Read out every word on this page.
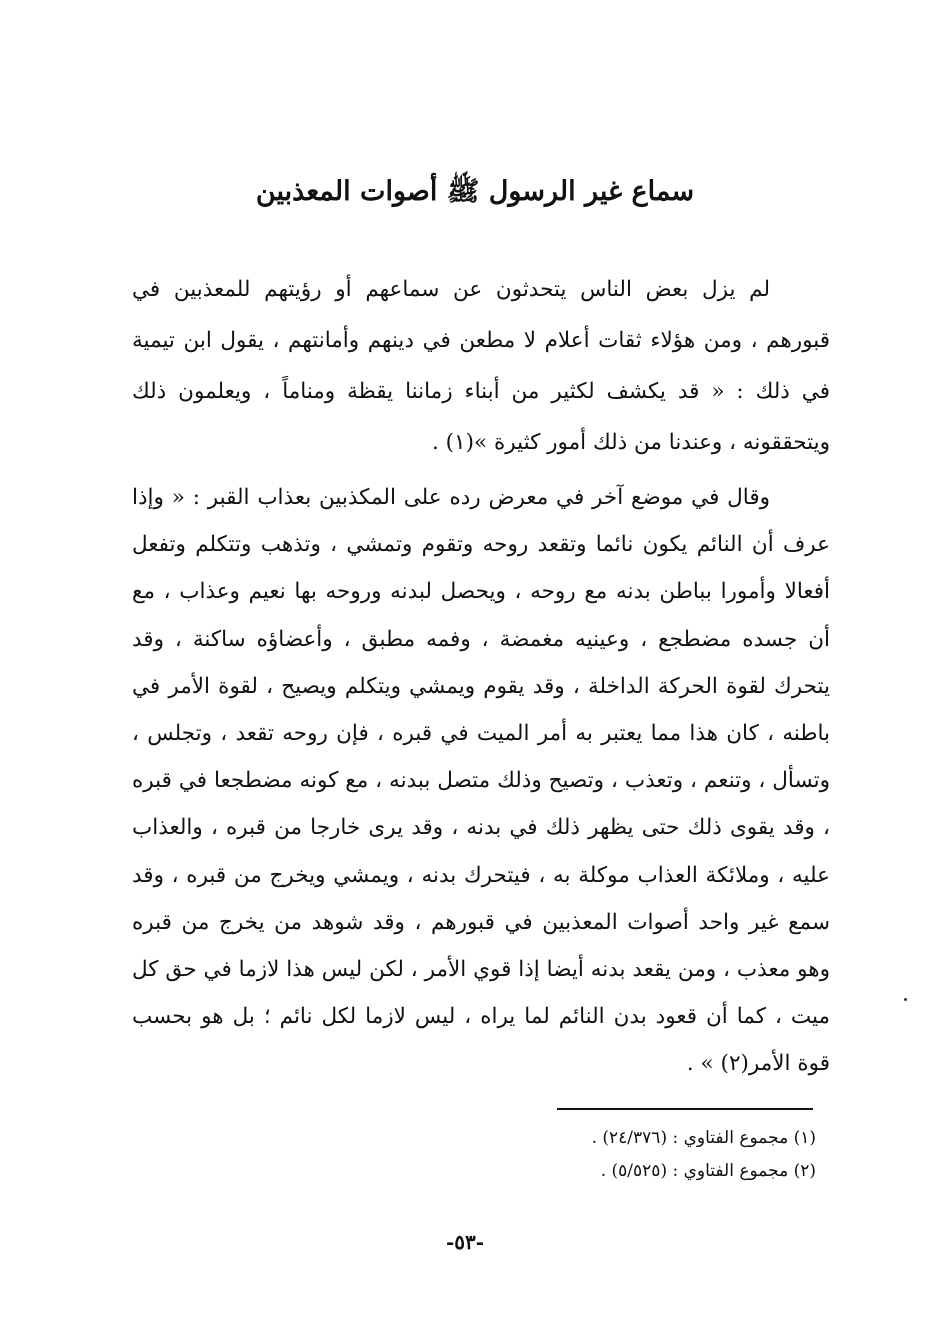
سماع غير الرسول ﷺ أصوات المعذبين

لم يزل بعض الناس يتحدثون عن سماعهم أو رؤيتهم للمعذبين في قبورهم ، ومن هؤلاء ثقات أعلام لا مطعن في دينهم وأمانتهم ، يقول ابن تيمية في ذلك : « قد يكشف لكثير من أبناء زماننا يقظة ومناماً ، ويعلمون ذلك ويتحققونه ، وعندنا من ذلك أمور كثيرة »(١) .

وقال في موضع آخر في معرض رده على المكذبين بعذاب القبر : « وإذا عرف أن النائم يكون نائما وتقعد روحه وتقوم وتمشي ، وتذهب وتتكلم وتفعل أفعالا وأمورا بباطن بدنه مع روحه ، ويحصل لبدنه وروحه بها نعيم وعذاب ، مع أن جسده مضطجع ، وعينيه مغمضة ، وفمه مطبق ، وأعضاؤه ساكنة ، وقد يتحرك لقوة الحركة الداخلة ، وقد يقوم ويمشي ويتكلم ويصيح ، لقوة الأمر في باطنه ، كان هذا مما يعتبر به أمر الميت في قبره ، فإن روحه تقعد ، وتجلس ، وتسأل ، وتنعم ، وتعذب ، وتصيح وذلك متصل ببدنه ، مع كونه مضطجعا في قبره ، وقد يقوى ذلك حتى يظهر ذلك في بدنه ، وقد يرى خارجا من قبره ، والعذاب عليه ، وملائكة العذاب موكلة به ، فيتحرك بدنه ، ويمشي ويخرج من قبره ، وقد سمع غير واحد أصوات المعذبين في قبورهم ، وقد شوهد من يخرج من قبره وهو معذب ، ومن يقعد بدنه أيضا إذا قوي الأمر ، لكن ليس هذا لازما في حق كل ميت ، كما أن قعود بدن النائم لما يراه ، ليس لازما لكل نائم ؛ بل هو بحسب قوة الأمر(٢) » .

(١) مجموع الفتاوي : (٢٤/٣٧٦) .
(٢) مجموع الفتاوي : (٥/٥٢٥) .
-٥٣-
